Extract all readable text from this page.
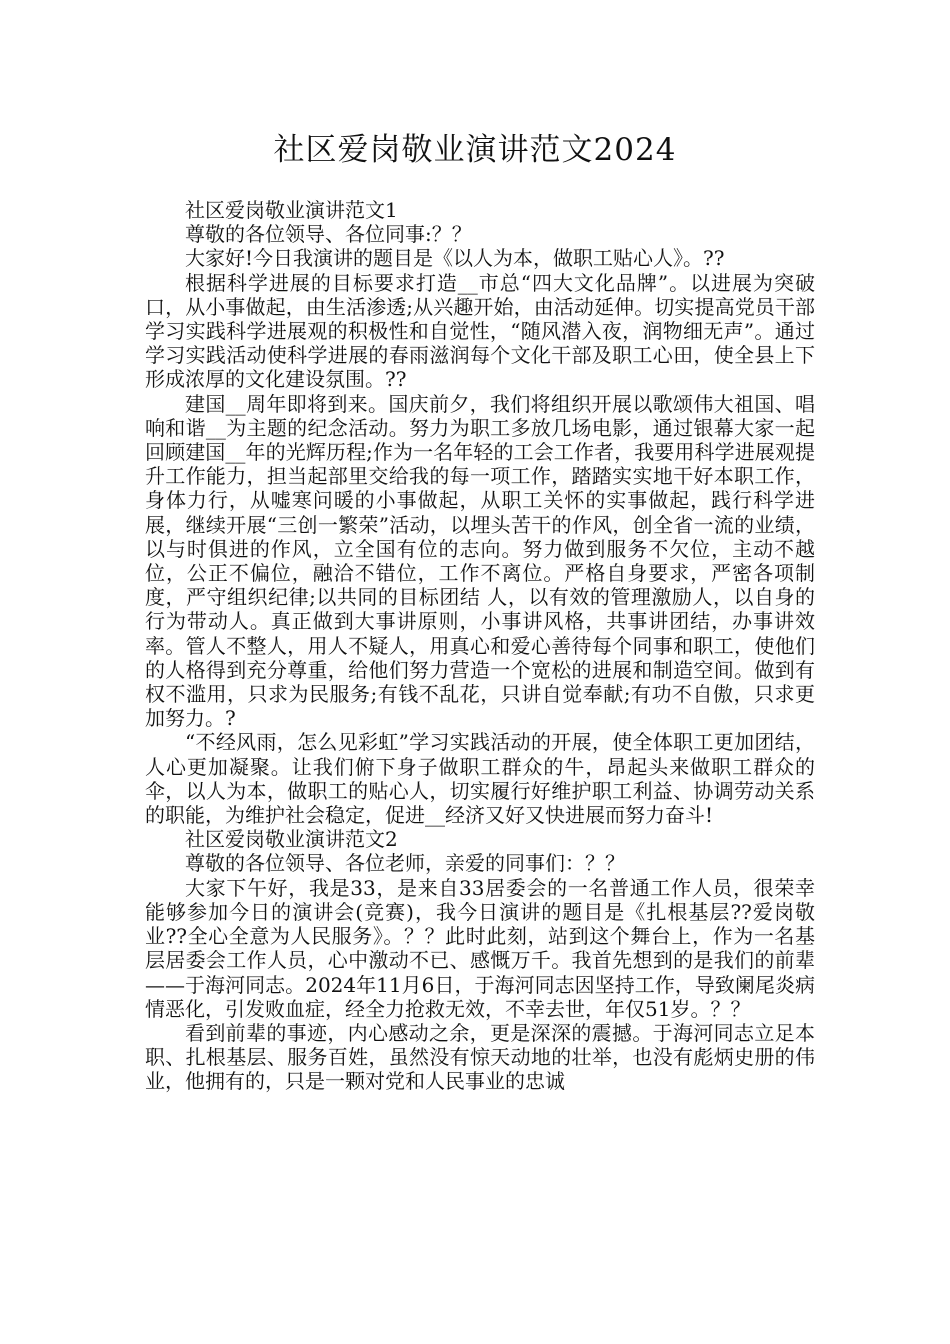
社区爱岗敬业演讲范文2024

社区爱岗敬业演讲范文1

尊敬的各位领导、各位同事:？？

大家好!今日我演讲的题目是《以人为本，做职工贴心人》。??

根据科学进展的目标要求打造__市总“四大文化品牌”。以进展为突破口，从小事做起，由生活渗透;从兴趣开始，由活动延伸。切实提高党员干部学习实践科学进展观的积极性和自觉性，“随风潜入夜，润物细无声”。通过学习实践活动使科学进展的春雨滋润每个文化干部及职工心田，使全县上下形成浓厚的文化建设氛围。??

建国__周年即将到来。国庆前夕，我们将组织开展以歌颂伟大祖国、唱响和谐__为主题的纪念活动。努力为职工多放几场电影，通过银幕大家一起回顾建国__年的光辉历程;作为一名年轻的工会工作者，我要用科学进展观提升工作能力，担当起部里交给我的每一项工作，踏踏实实地干好本职工作，身体力行，从嘘寒问暖的小事做起，从职工关怀的实事做起，践行科学进展，继续开展“三创一繁荣”活动，以埋头苦干的作风，创全省一流的业绩，以与时俱进的作风，立全国有位的志向。努力做到服务不欠位，主动不越位，公正不偏位，融洽不错位，工作不离位。严格自身要求，严密各项制度，严守组织纪律;以共同的目标团结 人，以有效的管理激励人，以自身的行为带动人。真正做到大事讲原则，小事讲风格，共事讲团结，办事讲效率。管人不整人，用人不疑人，用真心和爱心善待每个同事和职工，使他们的人格得到充分尊重，给他们努力营造一个宽松的进展和制造空间。做到有权不滥用，只求为民服务;有钱不乱花，只讲自觉奉献;有功不自傲，只求更加努力。?

“不经风雨，怎么见彩虹”学习实践活动的开展，使全体职工更加团结，人心更加凝聚。让我们俯下身子做职工群众的牛，昂起头来做职工群众的伞，以人为本，做职工的贴心人，切实履行好维护职工利益、协调劳动关系的职能，为维护社会稳定，促进__经济又好又快进展而努力奋斗!

社区爱岗敬业演讲范文2

尊敬的各位领导、各位老师，亲爱的同事们：？？

大家下午好，我是33，是来自33居委会的一名普通工作人员，很荣幸能够参加今日的演讲会(竞赛)，我今日演讲的题目是《扎根基层??爱岗敬业??全心全意为人民服务》。？？此时此刻，站到这个舞台上，作为一名基层居委会工作人员，心中激动不已、感慨万千。我首先想到的是我们的前辈——于海河同志。2024年11月6日，于海河同志因坚持工作，导致阑尾炎病情恶化，引发败血症，经全力抢救无效，不幸去世，年仅51岁。？？

看到前辈的事迹，内心感动之余，更是深深的震撼。于海河同志立足本职、扎根基层、服务百姓，虽然没有惊天动地的壮举，也没有彪炳史册的伟业，他拥有的，只是一颗对党和人民事业的忠诚
